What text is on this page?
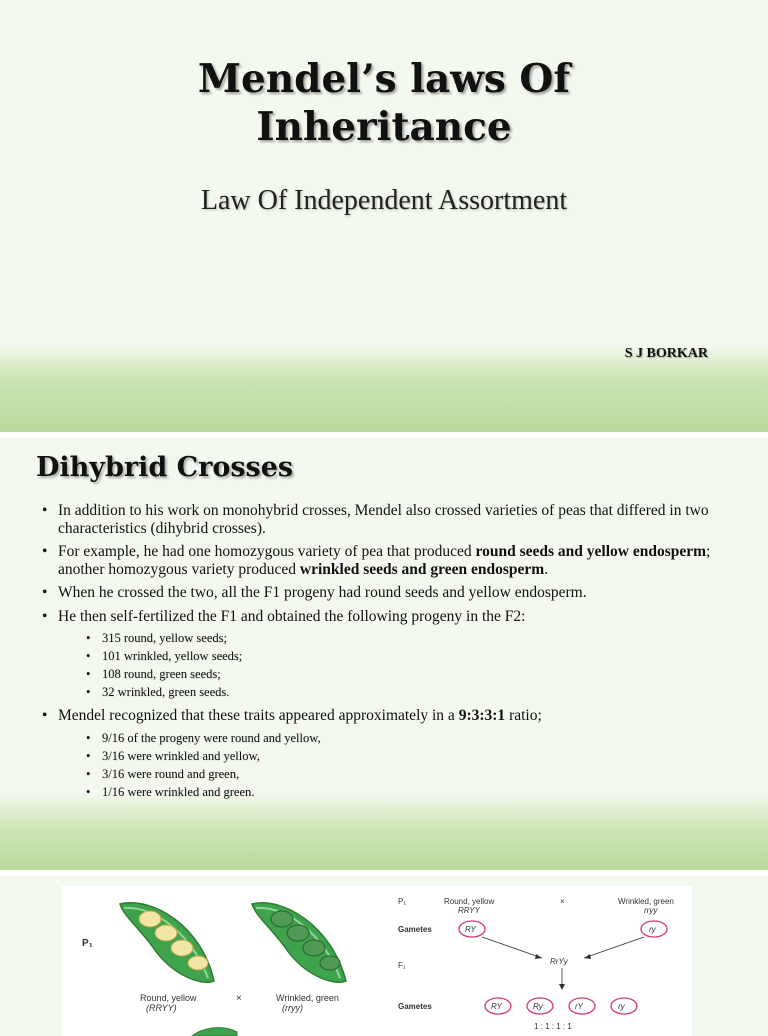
Mendel’s laws Of
Inheritance
Law Of Independent Assortment
S J BORKAR
Dihybrid Crosses
• In addition to his work on monohybrid crosses, Mendel also crossed varieties of peas that differed in two characteristics (dihybrid crosses).
• For example, he had one homozygous variety of pea that produced round seeds and yellow endosperm; another homozygous variety produced wrinkled seeds and green endosperm.
• When he crossed the two, all the F1 progeny had round seeds and yellow endosperm.
• He then self-fertilized the F1 and obtained the following progeny in the F2:
• 315 round, yellow seeds;
• 101 wrinkled, yellow seeds;
• 108 round, green seeds;
• 32 wrinkled, green seeds.
• Mendel recognized that these traits appeared approximately in a 9:3:3:1 ratio;
• 9/16 of the progeny were round and yellow,
• 3/16 were wrinkled and yellow,
• 3/16 were round and green,
• 1/16 were wrinkled and green.
P₁
Round, yellow
(RRYY)
×	Wrinkled, green
(rryy)
P₁	Round, yellow
RRYY
×	Wrinkled, green
rryy
Gametes	RY	ry
F₁	RrYy
Gametes	RY	Ry	rY	ry
1 : 1 : 1 : 1
